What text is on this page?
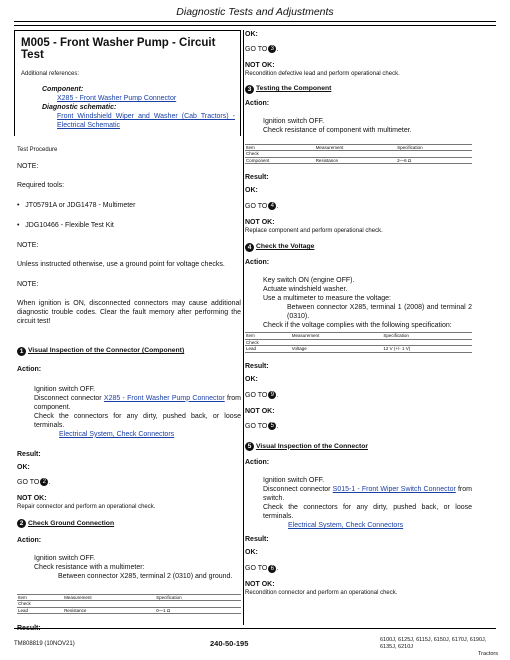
Diagnostic Tests and Adjustments
M005 - Front Washer Pump - Circuit Test
Additional references:
Component:
X285 - Front Washer Pump Connector
Diagnostic schematic:
Front Windshield Wiper and Washer (Cab Tractors) - Electrical Schematic
Test Procedure
NOTE:
Required tools:
•   JT05791A or JDG1478 - Multimeter
•   JDG10466 - Flexible Test Kit
NOTE:
Unless instructed otherwise, use a ground point for voltage checks.
NOTE:
When ignition is ON, disconnected connectors may cause additional diagnostic trouble codes. Clear the fault memory after performing the circuit test!
1 Visual Inspection of the Connector (Component)
Action:
Ignition switch OFF.
Disconnect connector X285 - Front Washer Pump Connector from component.
Check the connectors for any dirty, pushed back, or loose terminals.
Electrical System, Check Connectors
Result:
OK:
GO TO 2 .
NOT OK:
Repair connector and perform an operational check.
2 Check Ground Connection
Action:
Ignition switch OFF.
Check resistance with a multimeter:
Between connector X285, terminal 2 (0310) and ground.
Item	Measurement	Specification
Check		
Lead	Resistance	0—1 Ω
OK:
GO TO 3 .
NOT OK:
Recondition defective lead and perform operational check.
3 Testing the Component
Action:
Ignition switch OFF.
Check resistance of component with multimeter.
Item	Measurement	Specification
Check		
Component	Resistance	2—6 Ω
Result:
OK:
GO TO 4 .
NOT OK:
Replace component and perform operational check.
4 Check the Voltage
Action:
Key switch ON (engine OFF).
Actuate windshield washer.
Use a multimeter to measure the voltage:
Between connector X285, terminal 1 (2008) and terminal 2 (0310).
Check if the voltage complies with the following specification:
Item	Measurement	Specification
Check		
Lead	Voltage	12 V (+/- 1 V)
Result:
OK:
GO TO 9 .
NOT OK:
GO TO 5 .
5 Visual Inspection of the Connector
Action:
Ignition switch OFF.
Disconnect connector S015-1 - Front Wiper Switch Connector from switch.
Check the connectors for any dirty, pushed back, or loose terminals.
Electrical System, Check Connectors
Result:
OK:
GO TO 6 .
NOT OK:
Recondition connector and perform an operational check.
TM808819 (10NOV21)	240-50-195	6100J, 6125J, 6115J, 6150J, 6170J, 6190J, 6135J, 6210J
Tractors
